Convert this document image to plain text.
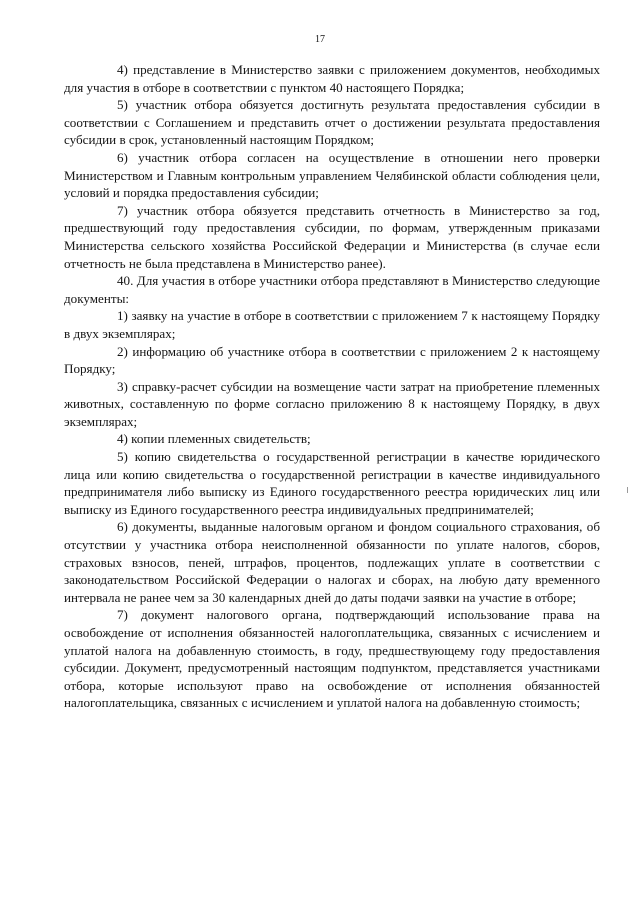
17

4) представление в Министерство заявки с приложением документов, необходимых для участия в отборе в соответствии с пунктом 40 настоящего Порядка;

5) участник отбора обязуется достигнуть результата предоставления субсидии в соответствии с Соглашением и представить отчет о достижении результата предоставления субсидии в срок, установленный настоящим Порядком;

6) участник отбора согласен на осуществление в отношении него проверки Министерством и Главным контрольным управлением Челябинской области соблюдения цели, условий и порядка предоставления субсидии;

7) участник отбора обязуется представить отчетность в Министерство за год, предшествующий году предоставления субсидии, по формам, утвержденным приказами Министерства сельского хозяйства Российской Федерации и Министерства (в случае если отчетность не была представлена в Министерство ранее).

40. Для участия в отборе участники отбора представляют в Министерство следующие документы:

1) заявку на участие в отборе в соответствии с приложением 7 к настоящему Порядку в двух экземплярах;

2) информацию об участнике отбора в соответствии с приложением 2 к настоящему Порядку;

3) справку-расчет субсидии на возмещение части затрат на приобретение племенных животных, составленную по форме согласно приложению 8 к настоящему Порядку, в двух экземплярах;

4) копии племенных свидетельств;

5) копию свидетельства о государственной регистрации в качестве юридического лица или копию свидетельства о государственной регистрации в качестве индивидуального предпринимателя либо выписку из Единого государственного реестра юридических лиц или выписку из Единого государственного реестра индивидуальных предпринимателей;

6) документы, выданные налоговым органом и фондом социального страхования, об отсутствии у участника отбора неисполненной обязанности по уплате налогов, сборов, страховых взносов, пеней, штрафов, процентов, подлежащих уплате в соответствии с законодательством Российской Федерации о налогах и сборах, на любую дату временного интервала не ранее чем за 30 календарных дней до даты подачи заявки на участие в отборе;

7) документ налогового органа, подтверждающий использование права на освобождение от исполнения обязанностей налогоплательщика, связанных с исчислением и уплатой налога на добавленную стоимость, в году, предшествующему году предоставления субсидии. Документ, предусмотренный настоящим подпунктом, представляется участниками отбора, которые используют право на освобождение от исполнения обязанностей налогоплательщика, связанных с исчислением и уплатой налога на добавленную стоимость;
